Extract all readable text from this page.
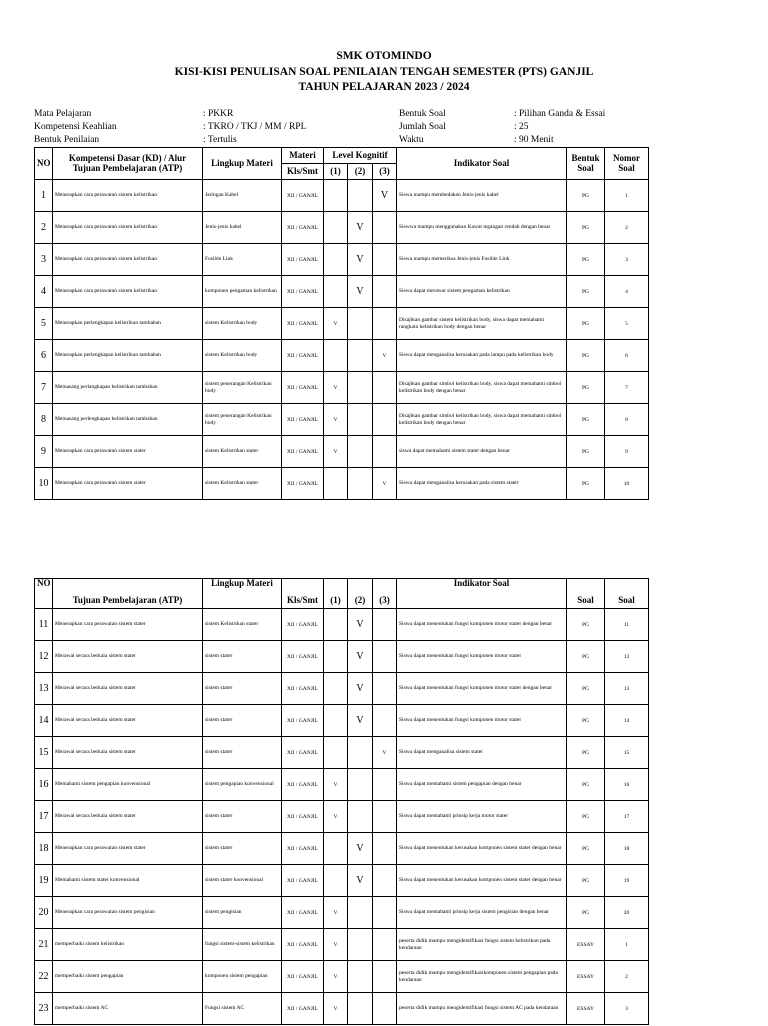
SMK OTOMINDO
KISI-KISI PENULISAN SOAL PENILAIAN TENGAH SEMESTER (PTS) GANJIL
TAHUN PELAJARAN 2023 / 2024
Mata Pelajaran	: PKKR
Kompetensi Keahlian	: TKRO / TKJ / MM / RPL
Bentuk Penilaian	: Tertulis
Bentuk Soal	: Pilihan Ganda & Essai
Jumlah Soal	: 25
Waktu	: 90 Menit
NO	Kompetensi Dasar (KD) / Alur Tujuan Pembelajaran (ATP)	Lingkup Materi	Materi	Level Kognitif			Indikator Soal	Bentuk
Soal	Nomor
Soal
			Kls/Smt	(1)	(2)	(3)			
1	Menerapkan cara perawatan sistem kelistrikan	Jaringan Kabel	XII / GANJIL			V	Siswa mampu membedakan Jenis-jenis kabel	PG	1
2	Menerapkan cara perawatan sistem kelistrikan	Jenis-jenis kabel	XII / GANJIL		V		Siswwa mampu menggunakan Kawat tegangan rendah dengan benar	PG	2
3	Menerapkan cara perawatan sistem kelistrikan	Fusible Link	XII / GANJIL		V		Siswa mampu memeriksa Jenis-jenis Fusible Link	PG	3
4	Menerapkan cara perawatan sistem kelistrikan	komponen pengaman kelistrikan	XII / GANJIL		V		Siswa dapat merawat sistem pengaman kelistrikan	PG	4
5	Menerapkan perlengkapan kelistrikan tambahan	sistem Kelistrikan body	XII / GANJIL	V			Disajikan gambar sistem kelistrikan body, siswa dapat memahami rangkain kelistrikan body dengan benar	PG	5
6	Menerapkan perlengkapan kelistrikan tambahan	sistem Kelistrikan body	XII / GANJIL			V	Siswa dapat menganalisa kerusakan pada lampu pada kelistrikan body	PG	6
7	Memasang perlangkapan kelistrikan tambahan	sistem penerangan Kelistrikan body	XII / GANJIL	V			Disajikan gambar simbol kelistrikan body, siswa dapat memahami simbol kelistrikan body dengan benar	PG	7
8	Memasang perlengkapan kelistrikan tambahan	sistem penerangan Kelistrikan body	XII / GANJIL	V			Disajikan gambar simbol kelistrikan body, siswa dapat memahami simbol kelistrikan body dengan benar	PG	8
9	Menerapkan cara perawatan sistem stater	sistem Kelistrikan stater	XII / GANJIL	V			siswa dapat memahami sistem stater dengan benar	PG	9
10	Menerapkan cara perawatan sistem stater	sistem Kelistrikan stater	XII / GANJIL			V	Siswa dapat menganalisa kerusakan pada sistem stater	PG	10
NO	Tujuan Pembelajaran (ATP)	Lingkup Materi	Kls/Smt	(1)	(2)	(3)	Indikator Soal	Soal	Soal
11	Menerapkan cara perawatan sistem stater	sistem Kelistrikan stater	XII / GANJIL		V		Siswa dapat menentukan fungsi komponen motor stater dengan benar	PG	11
12	Merawat secara berkala sistem stater	sistem stater	XII / GANJIL		V		Siswa dapat menentukan fungsi komponen motor stater	PG	12
13	Merawat secara berkala sistem stater	sistem stater	XII / GANJIL		V		Siswa dapat menentukan fungsi komponen motor stater dengan benar	PG	13
14	Merawat secara berkala sistem stater	sistem stater	XII / GANJIL		V		Siswa dapat menentukan fungsi komponen motor stater	PG	14
15	Merawat secara berkala sistem stater	sistem stater	XII / GANJIL			V	Siswa dapat menganalisa sistem stater	PG	15
16	Memahami sistem pengapian konvensional	sistem pengapian konvensional	XII / GANJIL	V			Siswa dapat memahami sistem pengapian dengan benar	PG	16
17	Merawat secara berkala sistem stater	sistem stater	XII / GANJIL	V			Siswa dapat memahami prinsip kerja motor stater	PG	17
18	Menerapkan cara perawatan sistem stater	sistem stater	XII / GANJIL		V		Siswa dapat menentukan kerusakan komponen sistem stater dengan benar	PG	18
19	Memahami sistem stater konvensional	sistem stater konvensional	XII / GANJIL		V		Siswa dapat menentukan kerusakan komponen sistem stater dengan benar	PG	19
20	Menerapkan cara perawatan sistem pengisian	sistem pengisian	XII / GANJIL	V			Siswa dapat memahami prinsip kerja sistem pengisian dengan benar	PG	20
21	memperbaiki sistem kelistrikan	fungsi sistem-sistem kelistrikan	XII / GANJIL	V			peserta didik mampu mengidentifikasi fungsi sistem kelistrikan pada kendaraan	ESSAY	1
22	memperbaiki sistem pengapian	komponen sistem pengapian	XII / GANJIL	V			peserta didik mampu mengidentifikasikomponen sistem pengapian pada kendaraan	ESSAY	2
23	memperbaiki sistem AC	Fungsi sistem AC	XII / GANJIL	V			peserta didik mampu mengidentifikasi fungsi sistem AC pada kendaraan	ESSAY	3
